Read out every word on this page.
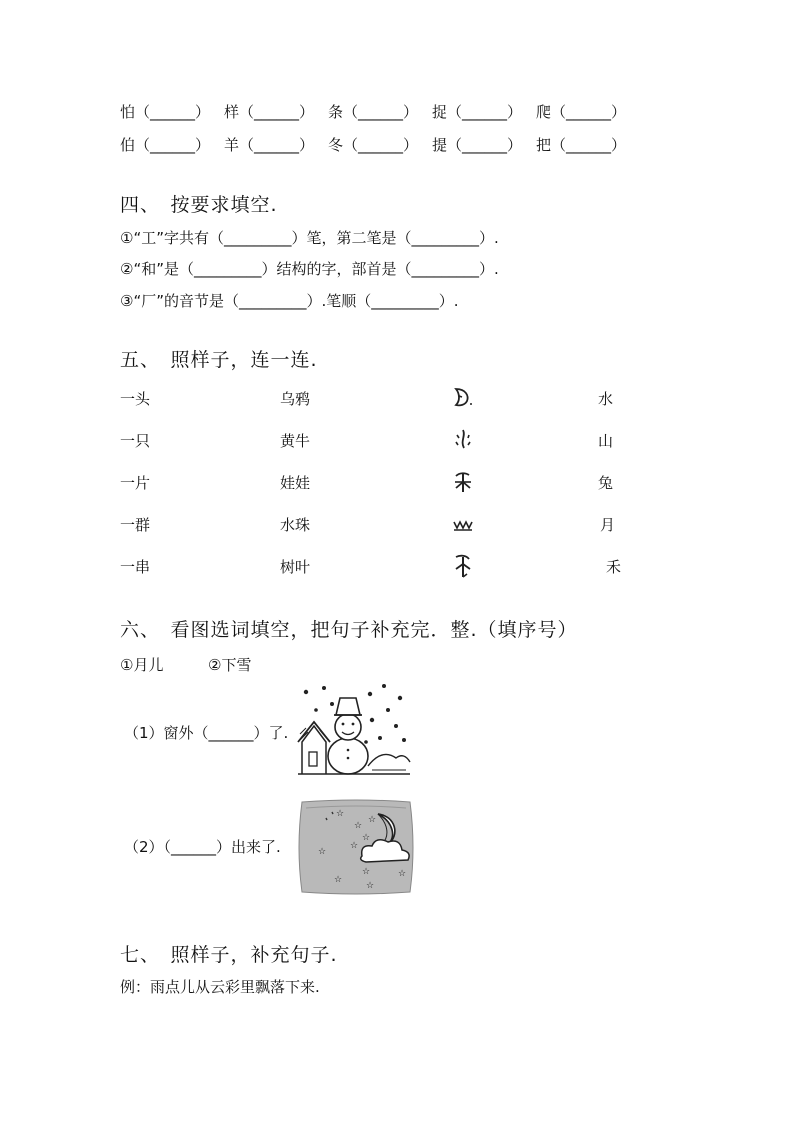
怕（______） 样（______） 条（______） 捉（______） 爬（______）
伯（______） 羊（______） 冬（______） 提（______） 把（______）
四、　按要求填空.
①“工”字共有（_________）笔，第二笔是（_________）.
②“和”是（_________）结构的字，部首是（_________）.
③“厂”的音节是（_________）.笔顺（_________）.
五、　照样子，连一连.
一头
一只
一片
一群
一串
乌鸦
黄牛
娃娃
水珠
树叶
水
山
兔
月
禾
六、　看图选词填空，把句子补充完．整.（填序号）
①月儿	②下雪
（1）窗外（______）了.
（2）（______）出来了.
☆
☆
☆
☆
☆
☆
☆	☆
☆
☆
七、　照样子，补充句子.
例：雨点儿从云彩里飘落下来.
